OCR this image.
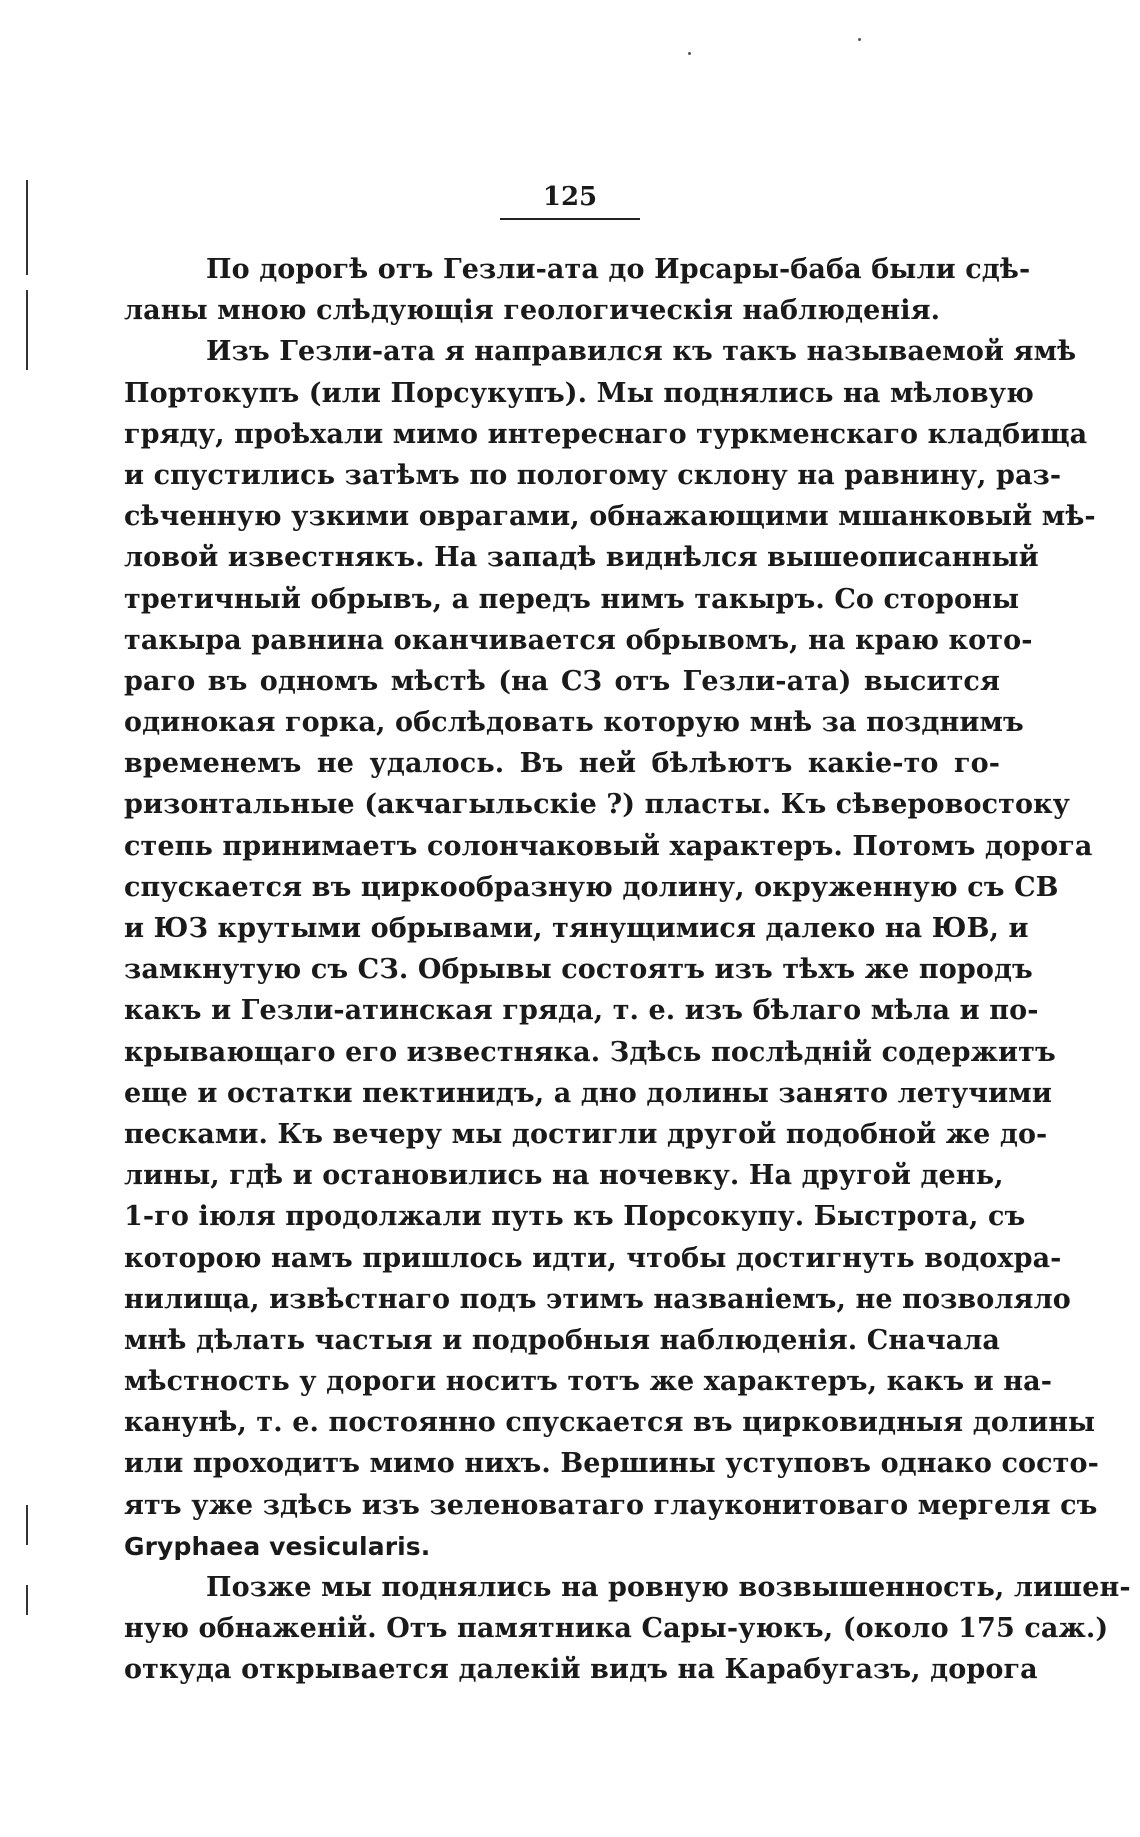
125
По дорогѣ отъ Гезли-ата до Ирсары-баба были сдѣ-
ланы мною слѣдующія геологическія наблюденія.
Изъ Гезли-ата я направился къ такъ называемой ямѣ
Портокупъ (или Порсукупъ). Мы поднялись на мѣловую
гряду, проѣхали мимо интереснаго туркменскаго кладбища
и спустились затѣмъ по пологому склону на равнину, раз-
сѣченную узкими оврагами, обнажающими мшанковый мѣ-
ловой известнякъ. На западѣ виднѣлся вышеописанный
третичный обрывъ, а передъ нимъ такыръ. Со стороны
такыра равнина оканчивается обрывомъ, на краю кото-
раго въ одномъ мѣстѣ (на СЗ отъ Гезли-ата) высится
одинокая горка, обслѣдовать которую мнѣ за позднимъ
временемъ не удалось. Въ ней бѣлѣютъ какіе-то го-
ризонтальные (акчагыльскіе ?) пласты. Къ сѣверовостоку
степь принимаетъ солончаковый характеръ. Потомъ дорога
спускается въ циркообразную долину, окруженную съ СВ
и ЮЗ крутыми обрывами, тянущимися далеко на ЮВ, и
замкнутую съ СЗ. Обрывы состоятъ изъ тѣхъ же породъ
какъ и Гезли-атинская гряда, т. е. изъ бѣлаго мѣла и по-
крывающаго его известняка. Здѣсь послѣдній содержитъ
еще и остатки пектинидъ, а дно долины занято летучими
песками. Къ вечеру мы достигли другой подобной же до-
лины, гдѣ и остановились на ночевку. На другой день,
1-го іюля продолжали путь къ Порсокупу. Быстрота, съ
которою намъ пришлось идти, чтобы достигнуть водохра-
нилища, извѣстнаго подъ этимъ названіемъ, не позволяло
мнѣ дѣлать частыя и подробныя наблюденія. Сначала
мѣстность у дороги носитъ тотъ же характеръ, какъ и на-
канунѣ, т. е. постоянно спускается въ цирковидныя долины
или проходитъ мимо нихъ. Вершины уступовъ однако состо-
ятъ уже здѣсь изъ зеленоватаго глауконитоваго мергеля съ
Gryphaea vesicularis.
Позже мы поднялись на ровную возвышенность, лишен-
ную обнаженій. Отъ памятника Сары-уюкъ, (около 175 саж.)
откуда открывается далекій видъ на Карабугазъ, дорога
